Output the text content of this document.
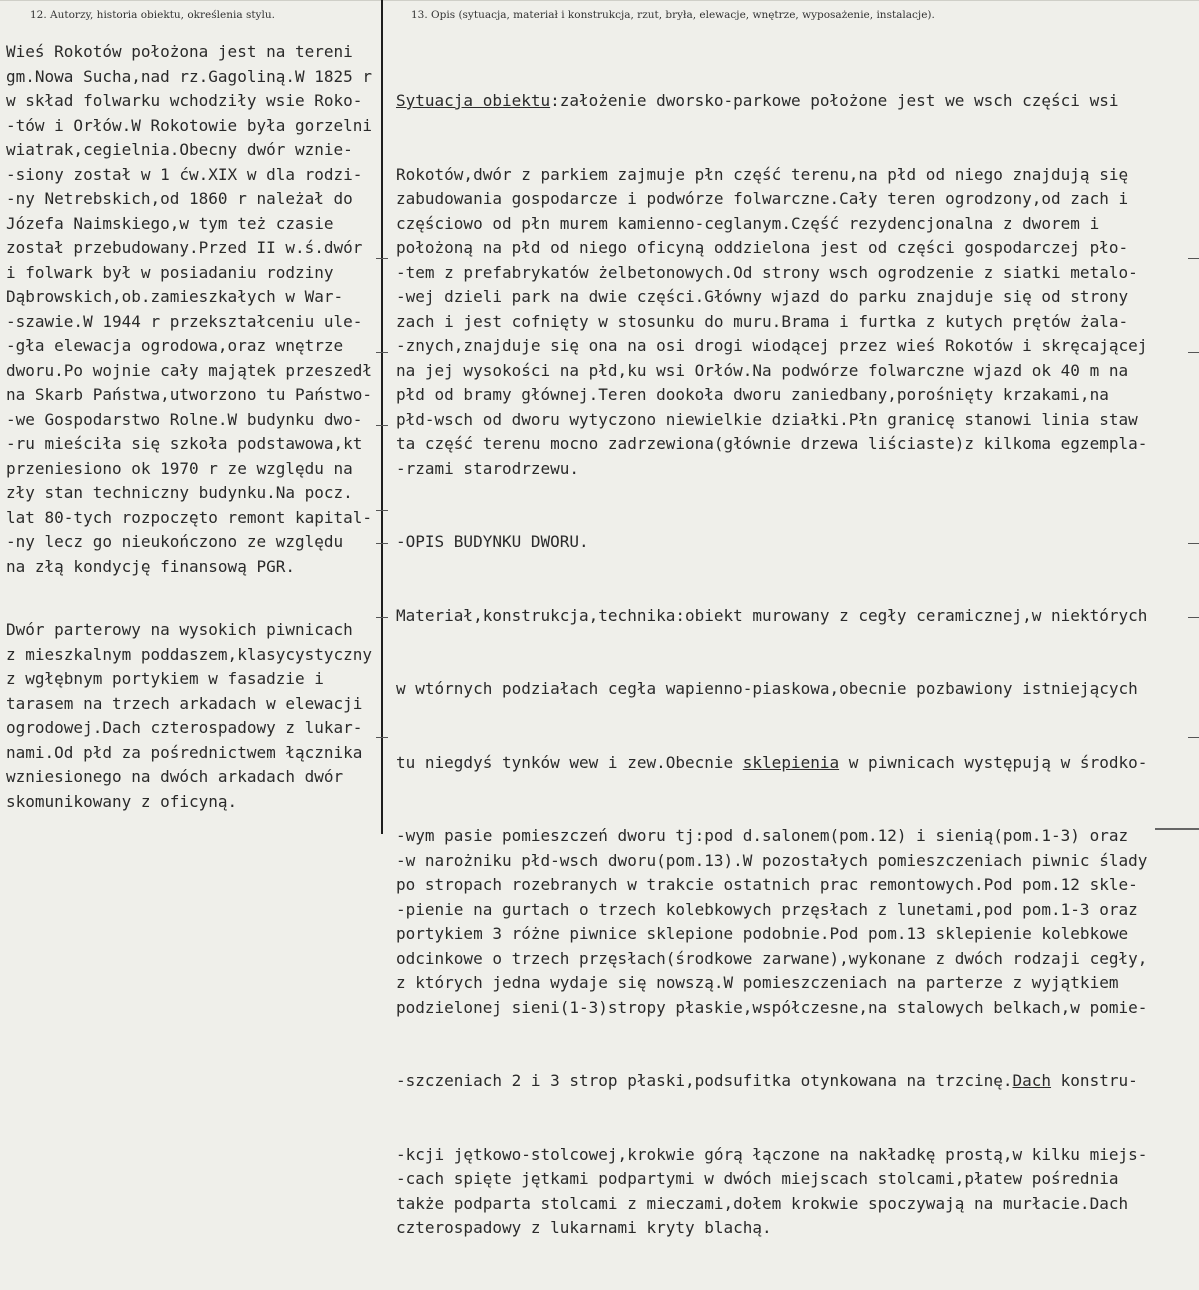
12. Autorzy, historia obiektu, określenia stylu.	13. Opis (sytuacja, materiał i konstrukcja, rzut, bryła, elewacje, wnętrze, wyposażenie, instalacje).
Wieś Rokotów położona jest na tereni
gm.Nowa Sucha,nad rz.Gagoliną.W 1825 r
w skład folwarku wchodziły wsie Roko-
-tów i Orłów.W Rokotowie była gorzelni
wiatrak,cegielnia.Obecny dwór wznie-
-siony został w 1 ćw.XIX w dla rodzi-
-ny Netrebskich,od 1860 r należał do
Józefa Naimskiego,w tym też czasie
został przebudowany.Przed II w.ś.dwór
i folwark był w posiadaniu rodziny
Dąbrowskich,ob.zamieszkałych w War-
-szawie.W 1944 r przekształceniu ule-
-gła elewacja ogrodowa,oraz wnętrze
dworu.Po wojnie cały majątek przeszedł
na Skarb Państwa,utworzono tu Państwo-
-we Gospodarstwo Rolne.W budynku dwo-
-ru mieściła się szkoła podstawowa,kt
przeniesiono ok 1970 r ze względu na
zły stan techniczny budynku.Na pocz.
lat 80-tych rozpoczęto remont kapital-
-ny lecz go nieukończono ze względu
na złą kondycję finansową PGR.
Dwór parterowy na wysokich piwnicach
z mieszkalnym poddaszem,klasycystyczny
z wgłębnym portykiem w fasadzie i
tarasem na trzech arkadach w elewacji
ogrodowej.Dach czterospadowy z lukar-
nami.Od płd za pośrednictwem łącznika
wzniesionego na dwóch arkadach dwór
skomunikowany z oficyną.

Sytuacja obiektu:założenie dworsko-parkowe położone jest we wsch części wsi

Rokotów,dwór z parkiem zajmuje płn część terenu,na płd od niego znajdują się
zabudowania gospodarcze i podwórze folwarczne.Cały teren ogrodzony,od zach i
częściowo od płn murem kamienno-ceglanym.Część rezydencjonalna z dworem i
położoną na płd od niego oficyną oddzielona jest od części gospodarczej pło-
-tem z prefabrykatów żelbetonowych.Od strony wsch ogrodzenie z siatki metalo-
-wej dzieli park na dwie części.Główny wjazd do parku znajduje się od strony
zach i jest cofnięty w stosunku do muru.Brama i furtka z kutych prętów żala-
-znych,znajduje się ona na osi drogi wiodącej przez wieś Rokotów i skręcającej
na jej wysokości na płd,ku wsi Orłów.Na podwórze folwarczne wjazd ok 40 m na
płd od bramy głównej.Teren dookoła dworu zaniedbany,porośnięty krzakami,na
płd-wsch od dworu wytyczono niewielkie działki.Płn granicę stanowi linia staw
ta część terenu mocno zadrzewiona(głównie drzewa liściaste)z kilkoma egzempla-
-rzami starodrzewu.

-OPIS BUDYNKU DWORU.

Materiał,konstrukcja,technika:obiekt murowany z cegły ceramicznej,w niektórych

w wtórnych podziałach cegła wapienno-piaskowa,obecnie pozbawiony istniejących

tu niegdyś tynków wew i zew.Obecnie sklepienia w piwnicach występują w środko-

-wym pasie pomieszczeń dworu tj:pod d.salonem(pom.12) i sienią(pom.1-3) oraz
-w narożniku płd-wsch dworu(pom.13).W pozostałych pomieszczeniach piwnic ślady
po stropach rozebranych w trakcie ostatnich prac remontowych.Pod pom.12 skle-
-pienie na gurtach o trzech kolebkowych przęsłach z lunetami,pod pom.1-3 oraz
portykiem 3 różne piwnice sklepione podobnie.Pod pom.13 sklepienie kolebkowe
odcinkowe o trzech przęsłach(środkowe zarwane),wykonane z dwóch rodzaji cegły,
z których jedna wydaje się nowszą.W pomieszczeniach na parterze z wyjątkiem
podzielonej sieni(1-3)stropy płaskie,współczesne,na stalowych belkach,w pomie-

-szczeniach 2 i 3 strop płaski,podsufitka otynkowana na trzcinę.Dach konstru-

-kcji jętkowo-stolcowej,krokwie górą łączone na nakładkę prostą,w kilku miejs-
-cach spięte jętkami podpartymi w dwóch miejscach stolcami,płatew pośrednia
także podparta stolcami z mieczami,dołem krokwie spoczywają na murłacie.Dach
czterospadowy z lukarnami kryty blachą.
